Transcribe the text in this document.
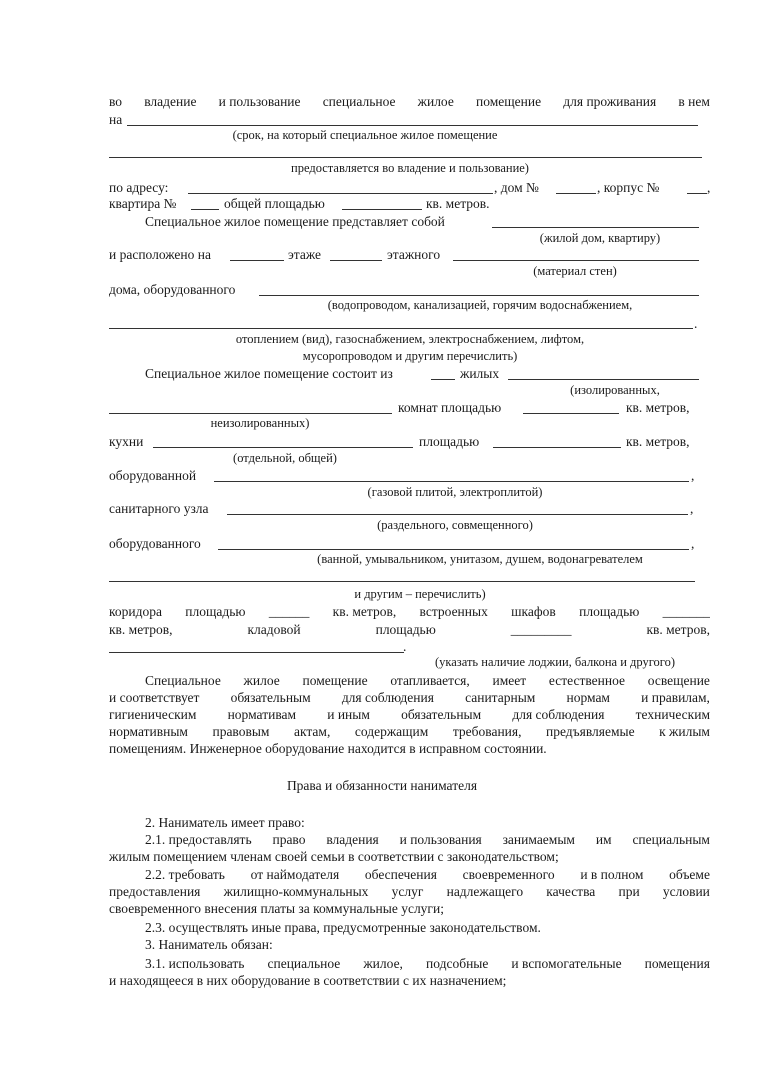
во владение и пользование специальное жилое помещение для проживания в нем
на
(срок, на который специальное жилое помещение
предоставляется во владение и пользование)
по адресу:	, дом №	, корпус №	,
квартира №	общей площадью	кв. метров.
Специальное жилое помещение представляет собой
(жилой дом, квартиру)
и расположено на	этаже	этажного
(материал стен)
дома, оборудованного
(водопроводом, канализацией, горячим водоснабжением,
.
отоплением (вид), газоснабжением, электроснабжением, лифтом,
мусоропроводом и другим перечислить)
Специальное жилое помещение состоит из	жилых
(изолированных,
комнат площадью	кв. метров,
неизолированных)
кухни	площадью	кв. метров,
(отдельной, общей)
оборудованной	,
(газовой плитой, электроплитой)
санитарного узла	,
(раздельного, совмещенного)
оборудованного	,
(ванной, умывальником, унитазом, душем, водонагревателем
и другим – перечислить)
коридора площадью ______ кв. метров, встроенных шкафов площадью _______
кв. метров,	кладовой	площадью	_________	кв. метров,
.
(указать наличие лоджии, балкона и другого)
Специальное жилое помещение отапливается, имеет естественное освещение
и соответствует обязательным для соблюдения санитарным нормам и правилам,
гигиеническим нормативам и иным обязательным для соблюдения техническим
нормативным правовым актам, содержащим требования, предъявляемые к жилым
помещениям. Инженерное оборудование находится в исправном состоянии.
Права и обязанности нанимателя
2. Наниматель имеет право:
2.1. предоставлять право владения и пользования занимаемым им специальным
жилым помещением членам своей семьи в соответствии с законодательством;
2.2. требовать от наймодателя обеспечения своевременного и в полном объеме
предоставления жилищно-коммунальных услуг надлежащего качества при условии
своевременного внесения платы за коммунальные услуги;
2.3. осуществлять иные права, предусмотренные законодательством.
3. Наниматель обязан:
3.1. использовать специальное жилое, подсобные и вспомогательные помещения
и находящееся в них оборудование в соответствии с их назначением;
